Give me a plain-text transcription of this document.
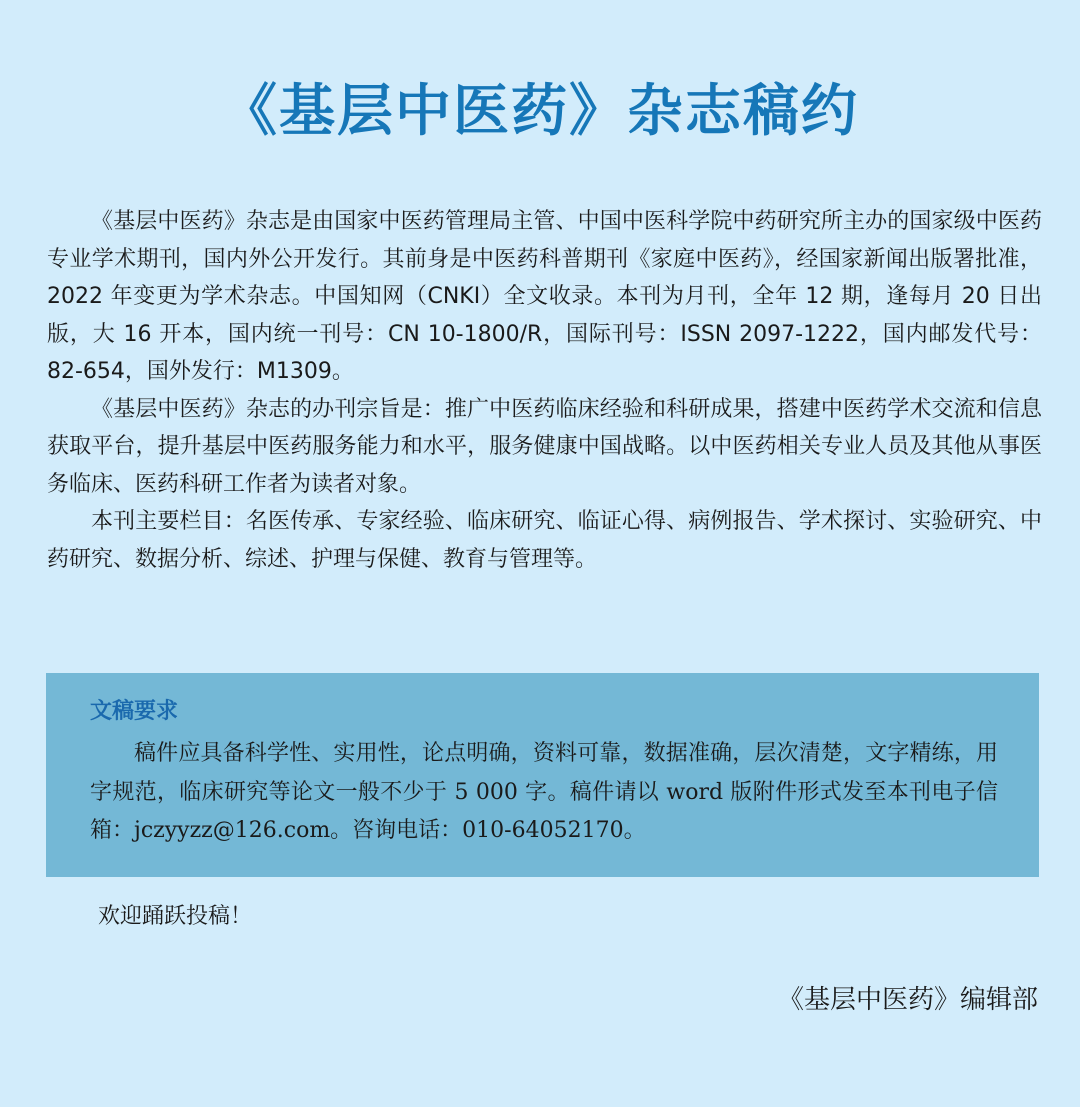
《基层中医药》杂志稿约

《基层中医药》杂志是由国家中医药管理局主管、中国中医科学院中药研究所主办的国家级中医药专业学术期刊，国内外公开发行。其前身是中医药科普期刊《家庭中医药》，经国家新闻出版署批准，2022 年变更为学术杂志。中国知网（CNKI）全文收录。本刊为月刊，全年 12 期，逢每月 20 日出版，大 16 开本，国内统一刊号：CN 10-1800/R，国际刊号：ISSN 2097-1222，国内邮发代号：82-654，国外发行：M1309。

《基层中医药》杂志的办刊宗旨是：推广中医药临床经验和科研成果，搭建中医药学术交流和信息获取平台，提升基层中医药服务能力和水平，服务健康中国战略。以中医药相关专业人员及其他从事医务临床、医药科研工作者为读者对象。

本刊主要栏目：名医传承、专家经验、临床研究、临证心得、病例报告、学术探讨、实验研究、中药研究、数据分析、综述、护理与保健、教育与管理等。

文稿要求

稿件应具备科学性、实用性，论点明确，资料可靠，数据准确，层次清楚，文字精练，用字规范，临床研究等论文一般不少于 5 000 字。稿件请以 word 版附件形式发至本刊电子信箱：jczyyzz@126.com。咨询电话：010-64052170。

欢迎踊跃投稿！
《基层中医药》编辑部
